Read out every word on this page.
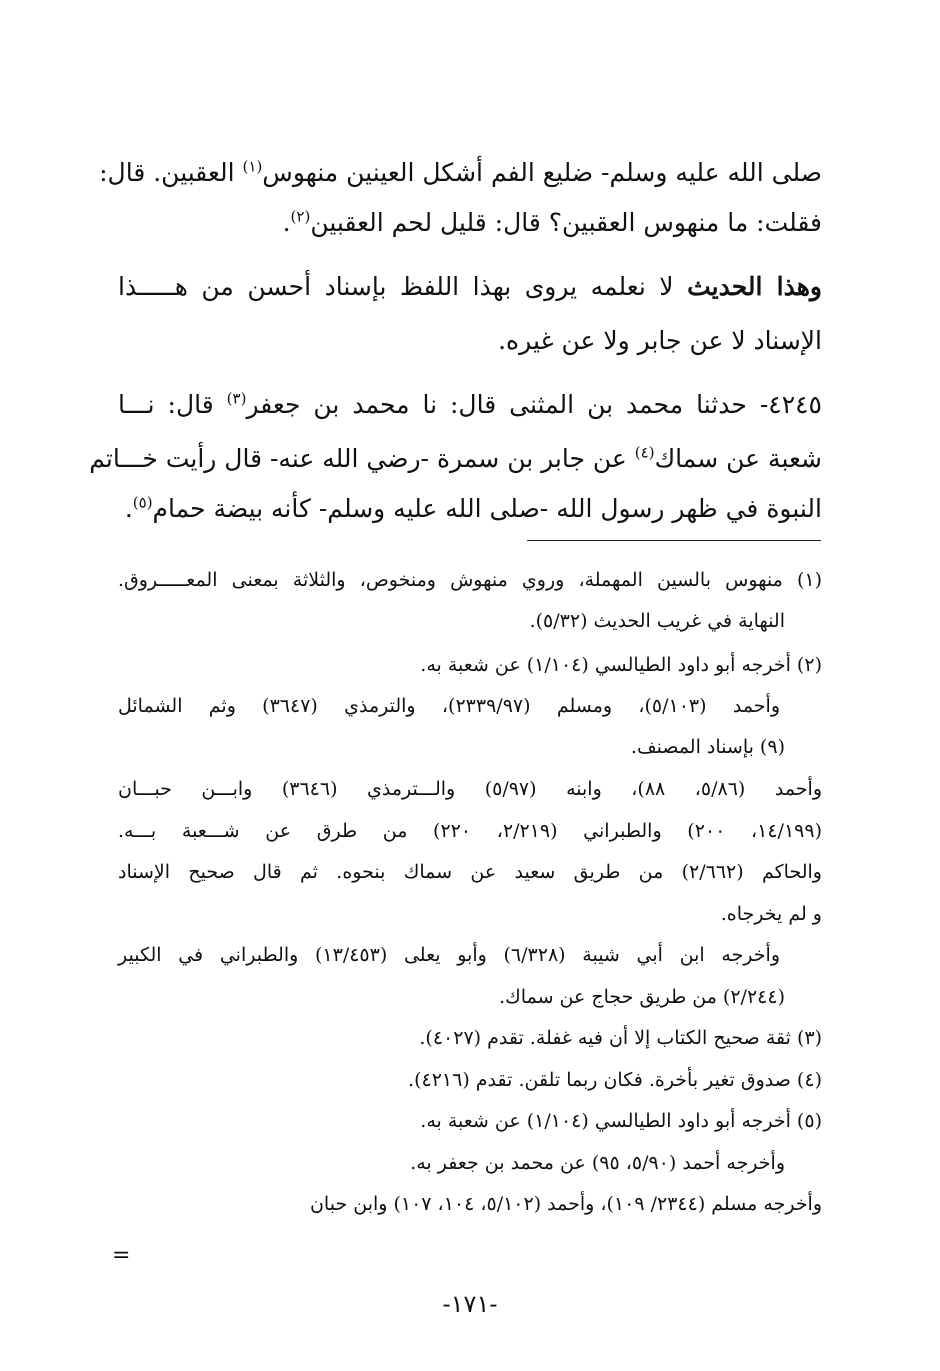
صلى الله عليه وسلم- ضليع الفم أشكل العينين منهوس$^{(١)}$ العقبين. قال:
فقلت: ما منهوس العقبين؟ قال: قليل لحم العقبين$^{(٢)}$.
وهذا الحديث لا نعلمه يروى بهذا اللفظ بإسناد أحسن من هـــــذا
الإسناد لا عن جابر ولا عن غيره.
٤٢٤٥- حدثنا محمد بن المثنى قال: نا محمد بن جعفر$^{(٣)}$ قال: نـــا
شعبة عن سماك$^{(٤)}$ عن جابر بن سمرة -رضي الله عنه- قال رأيت خـــاتم
النبوة في ظهر رسول الله -صلى الله عليه وسلم- كأنه بيضة حمام$^{(٥)}$.
(١) منهوس بالسين المهملة، وروي منهوش ومنخوص، والثلاثة بمعنى المعـــــروق.
النهاية في غريب الحديث (٥/٣٢).
(٢) أخرجه أبو داود الطيالسي (١/١٠٤) عن شعبة به.
وأحمد (٥/١٠٣)، ومسلم (٢٣٣٩/٩٧)، والترمذي (٣٦٤٧) وثم الشمائل
(٩) بإسناد المصنف.
وأحمد (٥/٨٦، ٨٨)، وابنه (٥/٩٧) والـــترمذي (٣٦٤٦) وابـــن حبـــان
(١٤/١٩٩، ٢٠٠) والطبراني (٢/٢١٩، ٢٢٠) من طرق عن شـــعبة بـــه.
والحاكم (٢/٦٦٢) من طريق سعيد عن سماك بنحوه. ثم قال صحيح الإسناد
و لم يخرجاه.
وأخرجه ابن أبي شيبة (٦/٣٢٨) وأبو يعلى (١٣/٤٥٣) والطبراني في الكبير
(٢/٢٤٤) من طريق حجاج عن سماك.
(٣) ثقة صحيح الكتاب إلا أن فيه غفلة. تقدم (٤٠٢٧).
(٤) صدوق تغير بأخرة. فكان ربما تلقن. تقدم (٤٢١٦).
(٥) أخرجه أبو داود الطيالسي (١/١٠٤) عن شعبة به.
وأخرجه أحمد (٥/٩٠، ٩٥) عن محمد بن جعفر به.
وأخرجه مسلم (٢٣٤٤/ ١٠٩)، وأحمد (٥/١٠٢، ١٠٤، ١٠٧) وابن حبان
=
-١٧١-
